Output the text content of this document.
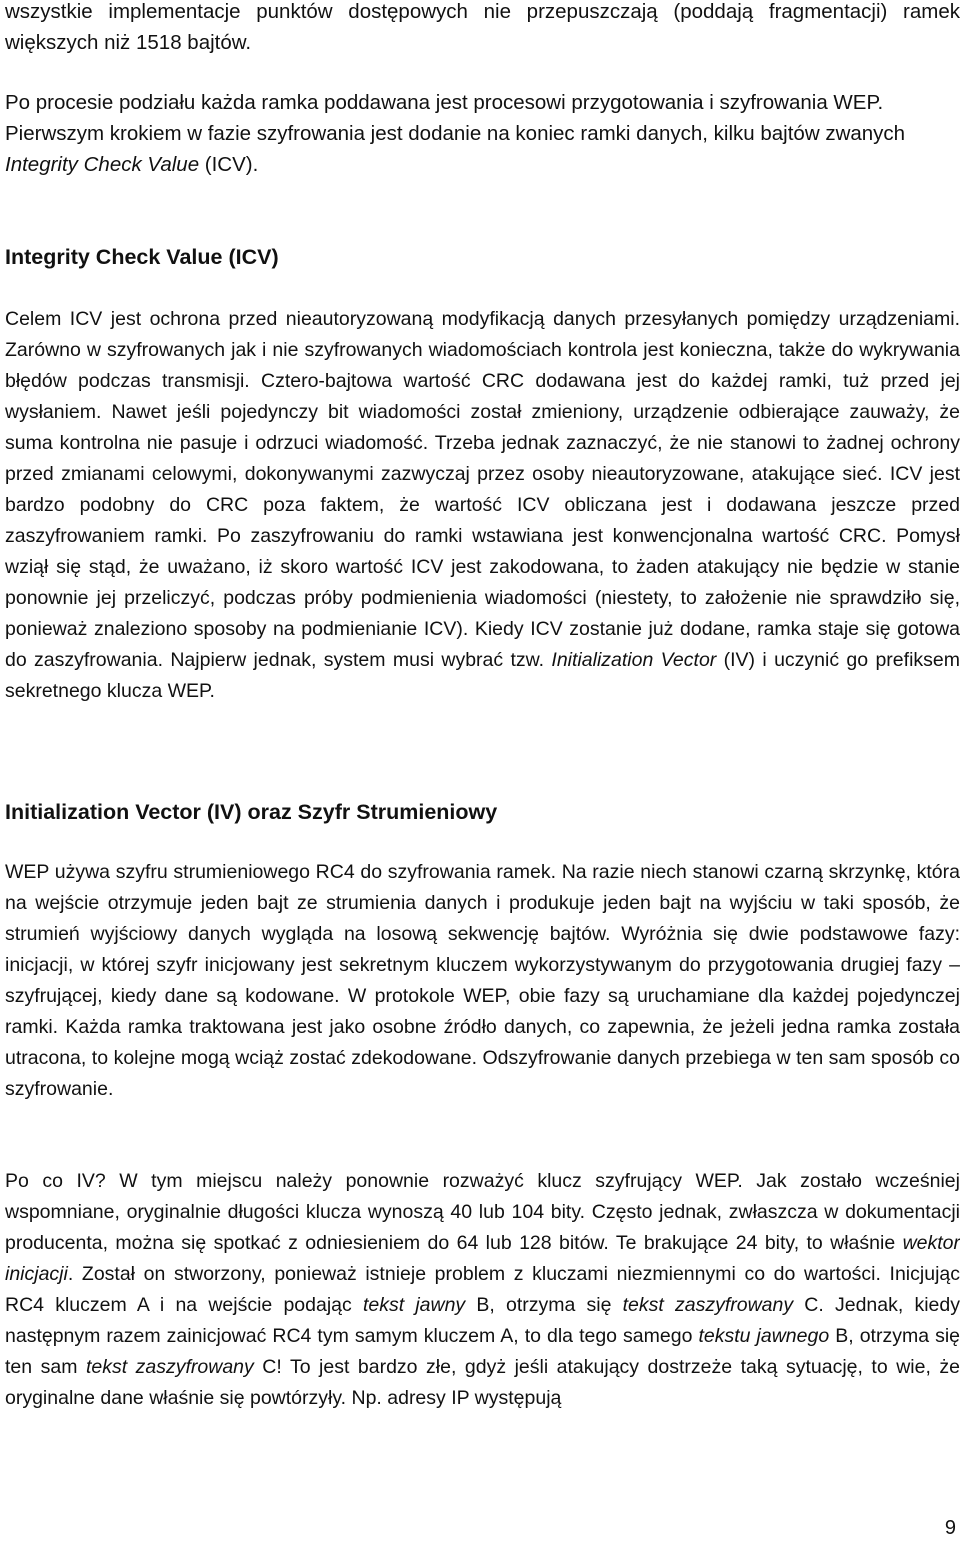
wszystkie implementacje punktów dostępowych nie przepuszczają (poddają fragmentacji) ramek większych niż 1518 bajtów.

Po procesie podziału każda ramka poddawana jest procesowi przygotowania i szyfrowania WEP.
Pierwszym krokiem w fazie szyfrowania jest dodanie na koniec ramki danych, kilku bajtów zwanych Integrity Check Value (ICV).

Integrity Check Value (ICV)

Celem ICV jest ochrona przed nieautoryzowaną modyfikacją danych przesyłanych pomiędzy urządzeniami. Zarówno w szyfrowanych jak i nie szyfrowanych wiadomościach kontrola jest konieczna, także do wykrywania błędów podczas transmisji. Cztero-bajtowa wartość CRC dodawana jest do każdej ramki, tuż przed jej wysłaniem. Nawet jeśli pojedynczy bit wiadomości został zmieniony, urządzenie odbierające zauważy, że suma kontrolna nie pasuje i odrzuci wiadomość. Trzeba jednak zaznaczyć, że nie stanowi to żadnej ochrony przed zmianami celowymi, dokonywanymi zazwyczaj przez osoby nieautoryzowane, atakujące sieć. ICV jest bardzo podobny do CRC poza faktem, że wartość ICV obliczana jest i dodawana jeszcze przed zaszyfrowaniem ramki. Po zaszyfrowaniu do ramki wstawiana jest konwencjonalna wartość CRC. Pomysł wziął się stąd, że uważano, iż skoro wartość ICV jest zakodowana, to żaden atakujący nie będzie w stanie ponownie jej przeliczyć, podczas próby podmienienia wiadomości (niestety, to założenie nie sprawdziło się, ponieważ znaleziono sposoby na podmienianie ICV). Kiedy ICV zostanie już dodane, ramka staje się gotowa do zaszyfrowania. Najpierw jednak, system musi wybrać tzw. Initialization Vector (IV) i uczynić go prefiksem sekretnego klucza WEP.

Initialization Vector (IV) oraz Szyfr Strumieniowy

WEP używa szyfru strumieniowego RC4 do szyfrowania ramek. Na razie niech stanowi czarną skrzynkę, która na wejście otrzymuje jeden bajt ze strumienia danych i produkuje jeden bajt na wyjściu w taki sposób, że strumień wyjściowy danych wygląda na losową sekwencję bajtów. Wyróżnia się dwie podstawowe fazy: inicjacji, w której szyfr inicjowany jest sekretnym kluczem wykorzystywanym do przygotowania drugiej fazy – szyfrującej, kiedy dane są kodowane. W protokole WEP, obie fazy są uruchamiane dla każdej pojedynczej ramki. Każda ramka traktowana jest jako osobne źródło danych, co zapewnia, że jeżeli jedna ramka została utracona, to kolejne mogą wciąż zostać zdekodowane. Odszyfrowanie danych przebiega w ten sam sposób co szyfrowanie.

Po co IV? W tym miejscu należy ponownie rozważyć klucz szyfrujący WEP. Jak zostało wcześniej wspomniane, oryginalnie długości klucza wynoszą 40 lub 104 bity. Często jednak, zwłaszcza w dokumentacji producenta, można się spotkać z odniesieniem do 64 lub 128 bitów. Te brakujące 24 bity, to właśnie wektor inicjacji. Został on stworzony, ponieważ istnieje problem z kluczami niezmiennymi co do wartości. Inicjując RC4 kluczem A i na wejście podając tekst jawny B, otrzyma się tekst zaszyfrowany C. Jednak, kiedy następnym razem zainicjować RC4 tym samym kluczem A, to dla tego samego tekstu jawnego B, otrzyma się ten sam tekst zaszyfrowany C! To jest bardzo złe, gdyż jeśli atakujący dostrzeże taką sytuację, to wie, że oryginalne dane właśnie się powtórzyły. Np. adresy IP występują

9
